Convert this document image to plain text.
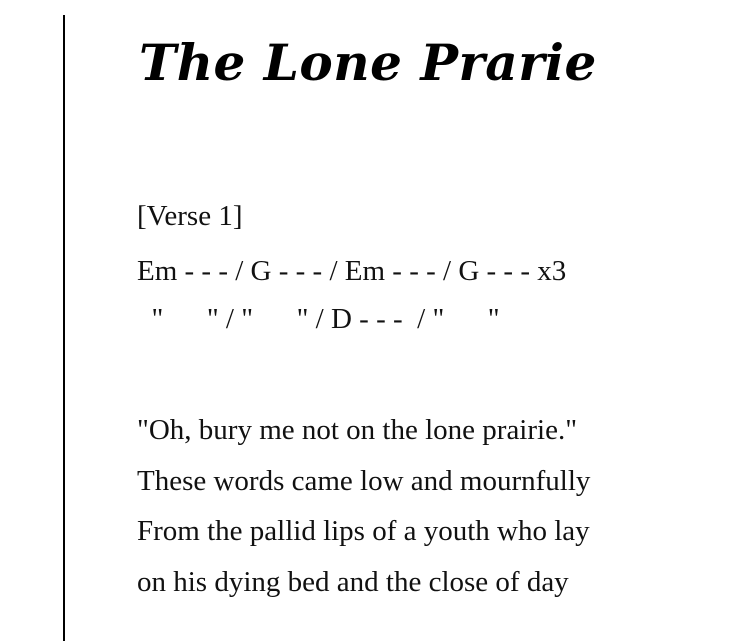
The Lone Prarie
[Verse 1]
Em - - - / G - - - / Em - - - / G - - - x3
"      " / "      " / D - - -  / "      "
"Oh, bury me not on the lone prairie."
These words came low and mournfully
From the pallid lips of a youth who lay
on his dying bed and the close of day
